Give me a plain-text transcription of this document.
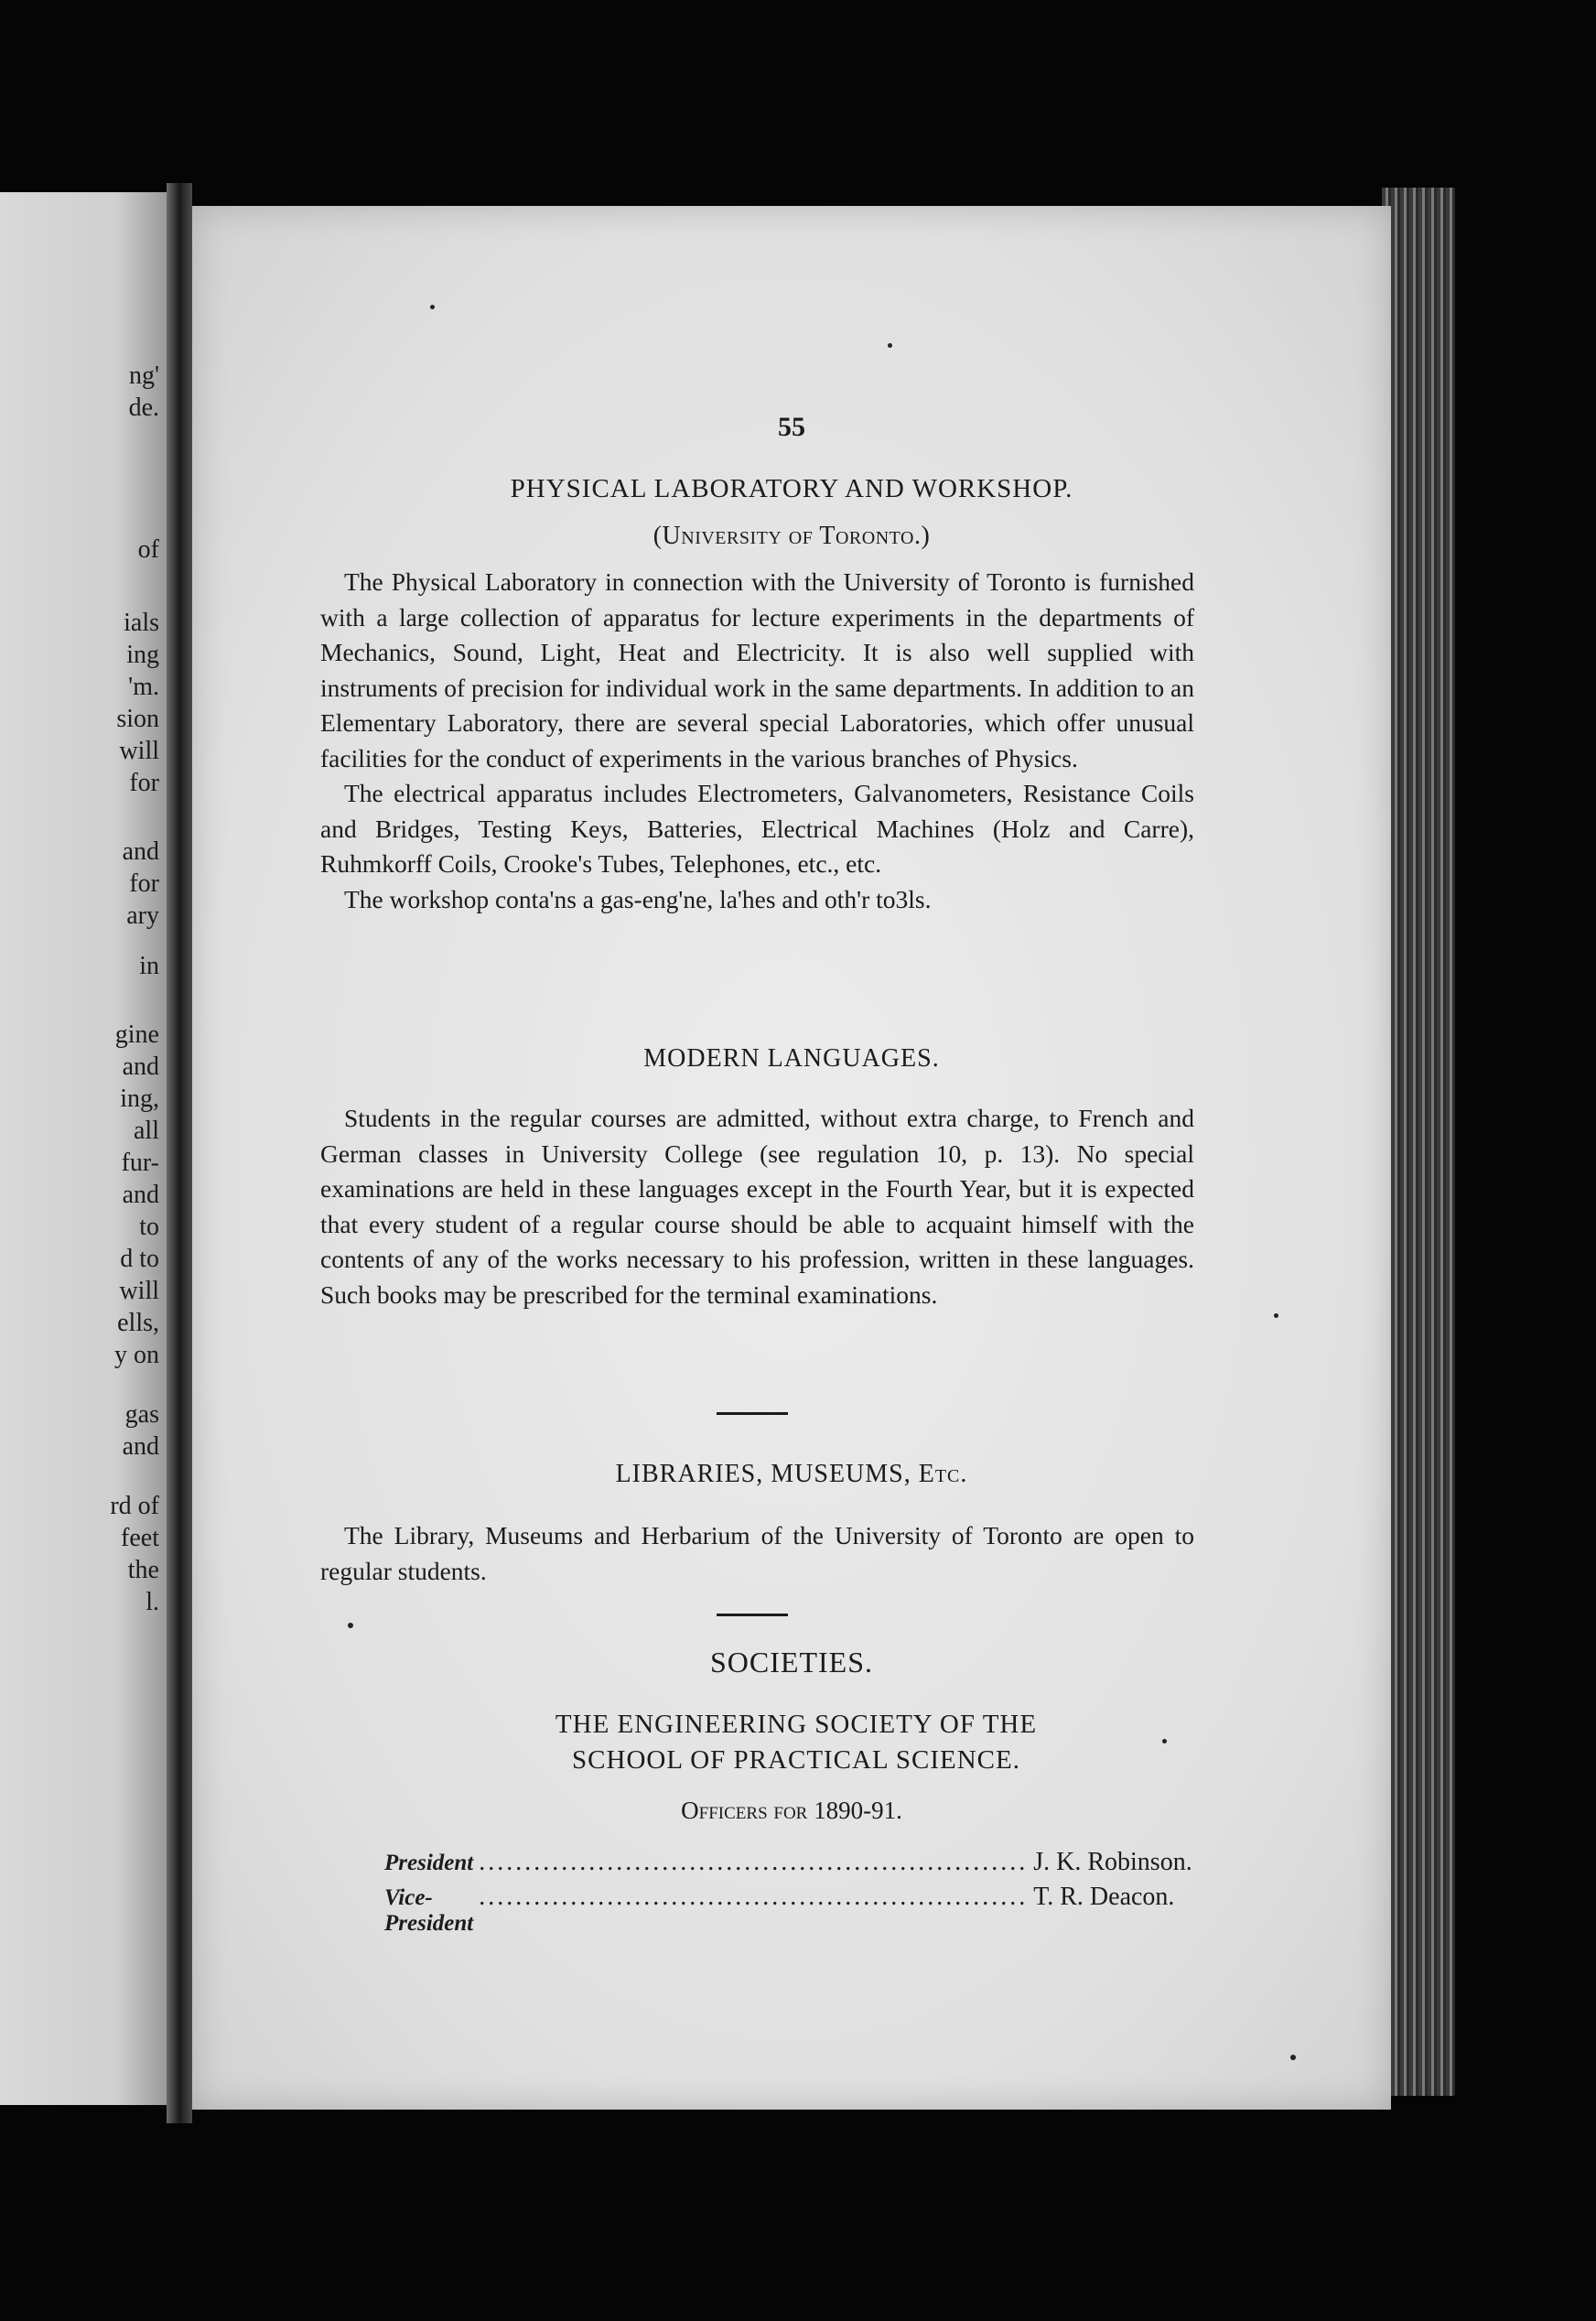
ng'
de.
of
ials
ing
'm.
sion
will
for
and
for
ary
in
gine
and
ing,
all
fur-
and
to
d to
will
ells,
y on
gas
and
rd of
feet
the
l.
55
PHYSICAL LABORATORY AND WORKSHOP.
(University of Toronto.)

The Physical Laboratory in connection with the University of Toronto is furnished with a large collection of apparatus for lecture experiments in the departments of Mechanics, Sound, Light, Heat and Electricity. It is also well supplied with instruments of precision for individual work in the same departments. In addition to an Elementary Laboratory, there are several special Laboratories, which offer unusual facilities for the conduct of experiments in the various branches of Physics.

The electrical apparatus includes Electrometers, Galvanometers, Resistance Coils and Bridges, Testing Keys, Batteries, Electrical Machines (Holz and Carre), Ruhmkorff Coils, Crooke's Tubes, Telephones, etc., etc.

The workshop conta'ns a gas-eng'ne, la'hes and oth'r to3ls.

MODERN LANGUAGES.

Students in the regular courses are admitted, without extra charge, to French and German classes in University College (see regulation 10, p. 13). No special examinations are held in these languages except in the Fourth Year, but it is expected that every student of a regular course should be able to acquaint himself with the contents of any of the works necessary to his profession, written in these languages. Such books may be prescribed for the terminal examinations.

LIBRARIES, MUSEUMS, Etc.

The Library, Museums and Herbarium of the University of Toronto are open to regular students.

SOCIETIES.
THE ENGINEERING SOCIETY OF THE SCHOOL OF PRACTICAL SCIENCE.
Officers for 1890-91.
President ............................................................ J. K. Robinson.
Vice-President
............................................................ T. R. Deacon.
